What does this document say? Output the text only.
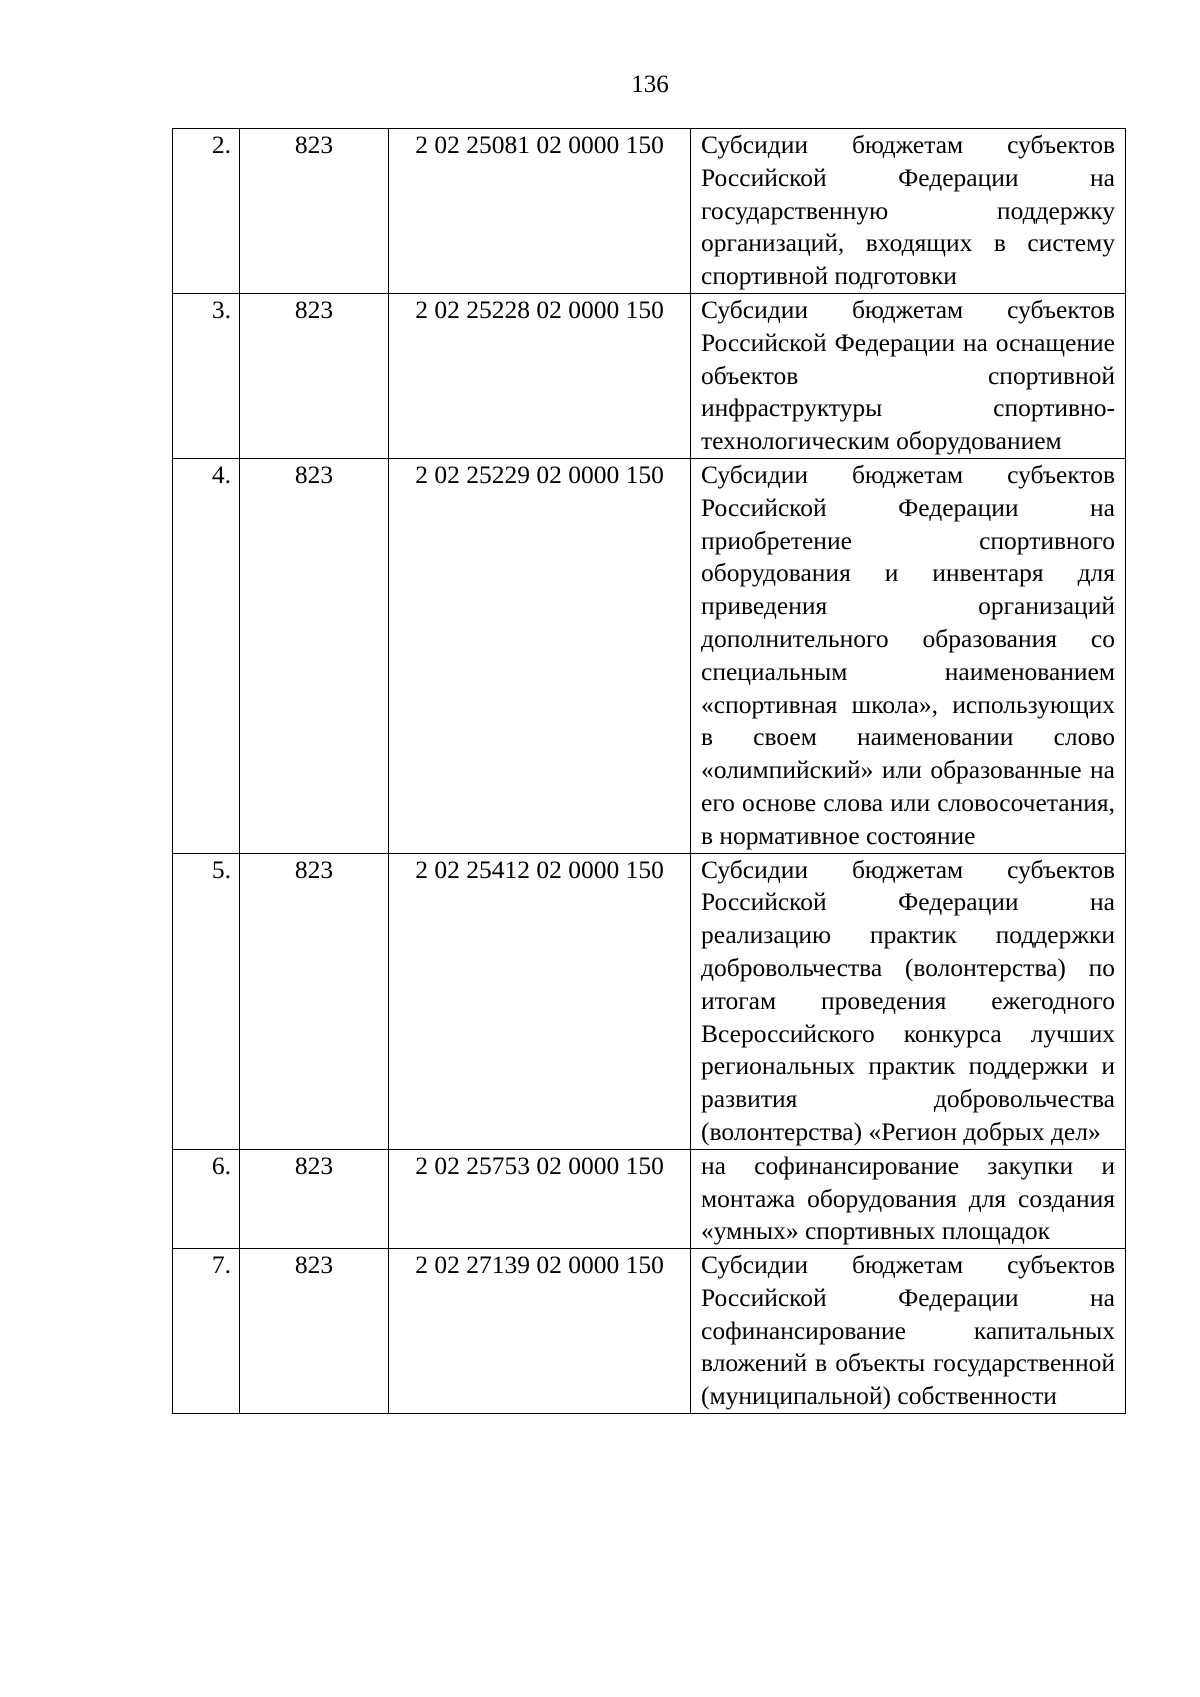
136
2.	823	2 02 25081 02 0000 150	Субсидии бюджетам субъектов Российской Федерации на государственную поддержку организаций, входящих в систему спортивной подготовки
3.	823	2 02 25228 02 0000 150	Субсидии бюджетам субъектов Российской Федерации на оснащение объектов спортивной инфраструктуры спортивно-технологическим оборудованием
4.	823	2 02 25229 02 0000 150	Субсидии бюджетам субъектов Российской Федерации на приобретение спортивного оборудования и инвентаря для приведения организаций дополнительного образования со специальным наименованием «спортивная школа», использующих в своем наименовании слово «олимпийский» или образованные на его основе слова или словосочетания, в нормативное состояние
5.	823	2 02 25412 02 0000 150	Субсидии бюджетам субъектов Российской Федерации на реализацию практик поддержки добровольчества (волонтерства) по итогам проведения ежегодного Всероссийского конкурса лучших региональных практик поддержки и развития добровольчества (волонтерства) «Регион добрых дел»
6.	823	2 02 25753 02 0000 150	на софинансирование закупки и монтажа оборудования для создания «умных» спортивных площадок
7.	823	2 02 27139 02 0000 150	Субсидии бюджетам субъектов Российской Федерации на софинансирование капитальных вложений в объекты государственной (муниципальной) собственности
